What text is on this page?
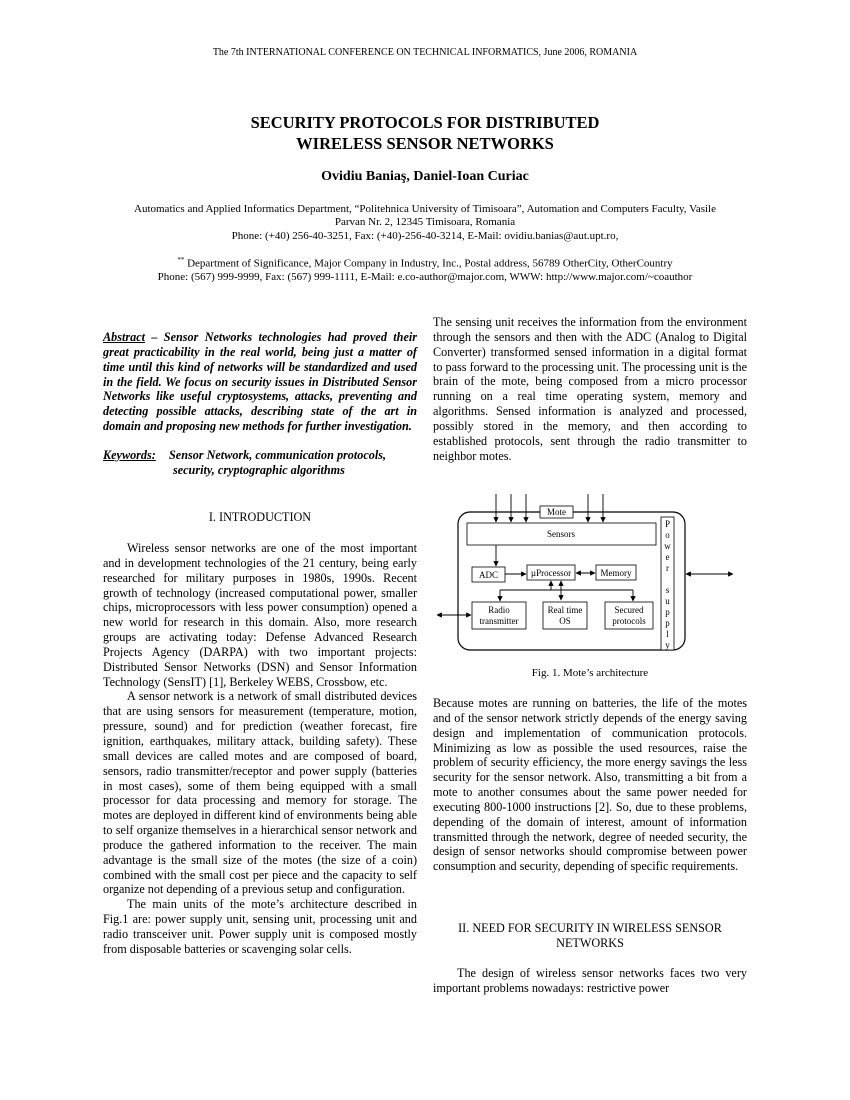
The 7th INTERNATIONAL CONFERENCE ON TECHNICAL INFORMATICS, June 2006, ROMANIA
SECURITY PROTOCOLS FOR DISTRIBUTED
WIRELESS SENSOR NETWORKS
Ovidiu Baniaş, Daniel-Ioan Curiac
Automatics and Applied Informatics Department, “Politehnica University of Timisoara”, Automation and Computers Faculty, Vasile
Parvan Nr. 2, 12345 Timisoara, Romania
Phone: (+40) 256-40-3251, Fax: (+40)-256-40-3214, E-Mail: ovidiu.banias@aut.upt.ro,
** Department of Significance, Major Company in Industry, Inc., Postal address, 56789 OtherCity, OtherCountry
Phone: (567) 999-9999, Fax: (567) 999-1111, E-Mail: e.co-author@major.com, WWW: http://www.major.com/~coauthor

Abstract – Sensor Networks technologies had proved their great practicability in the real world, being just a matter of time until this kind of networks will be standardized and used in the field. We focus on security issues in Distributed Sensor Networks like useful cryptosystems, attacks, preventing and detecting possible attacks, describing state of the art in domain and proposing new methods for further investigation.

Keywords:	Sensor Network, communication protocols,
security, cryptographic algorithms
I. INTRODUCTION

Wireless sensor networks are one of the most important and in development technologies of the 21 century, being early researched for military purposes in 1980s, 1990s. Recent growth of technology (increased computational power, smaller chips, microprocessors with less power consumption) opened a new world for research in this domain. Also, more research groups are activating today: Defense Advanced Research Projects Agency (DARPA) with two important projects: Distributed Sensor Networks (DSN) and Sensor Information Technology (SensIT) [1], Berkeley WEBS, Crossbow, etc.

A sensor network is a network of small distributed devices that are using sensors for measurement (temperature, motion, pressure, sound) and for prediction (weather forecast, fire ignition, earthquakes, military attack, building safety). These small devices are called motes and are composed of board, sensors, radio transmitter/receptor and power supply (batteries in most cases), some of them being equipped with a small processor for data processing and memory for storage. The motes are deployed in different kind of environments being able to self organize themselves in a hierarchical sensor network and produce the gathered information to the receiver. The main advantage is the small size of the motes (the size of a coin) combined with the small cost per piece and the capacity to self organize not depending of a previous setup and configuration.

The main units of the mote’s architecture described in Fig.1 are: power supply unit, sensing unit, processing unit and radio transceiver unit. Power supply unit is composed mostly from disposable batteries or scavenging solar cells.

The sensing unit receives the information from the environment through the sensors and then with the ADC (Analog to Digital Converter) transformed sensed information in a digital format to pass forward to the processing unit. The processing unit is the brain of the mote, being composed from a micro processor running on a real time operating system, memory and algorithms. Sensed information is analyzed and processed, possibly stored in the memory, and then according to established protocols, sent through the radio transmitter to neighbor motes.
Mote
Sensors
P
o
w
e
r
s
u
p
p
l
y
ADC	µProcessor	Memory
Radio
transmitter
Real time
OS
Secured
protocols
Fig. 1. Mote’s architecture
Because motes are running on batteries, the life of the motes and of the sensor network strictly depends of the energy saving design and implementation of communication protocols. Minimizing as low as possible the used resources, raise the problem of security efficiency, the more energy savings the less security for the sensor network. Also, transmitting a bit from a mote to another consumes about the same power needed for executing 800-1000 instructions [2]. So, due to these problems, depending of the domain of interest, amount of information transmitted through the network, degree of needed security, the design of sensor networks should compromise between power consumption and security, depending of specific requirements.
II. NEED FOR SECURITY IN WIRELESS SENSOR
NETWORKS

The design of wireless sensor networks faces two very important problems nowadays: restrictive power
